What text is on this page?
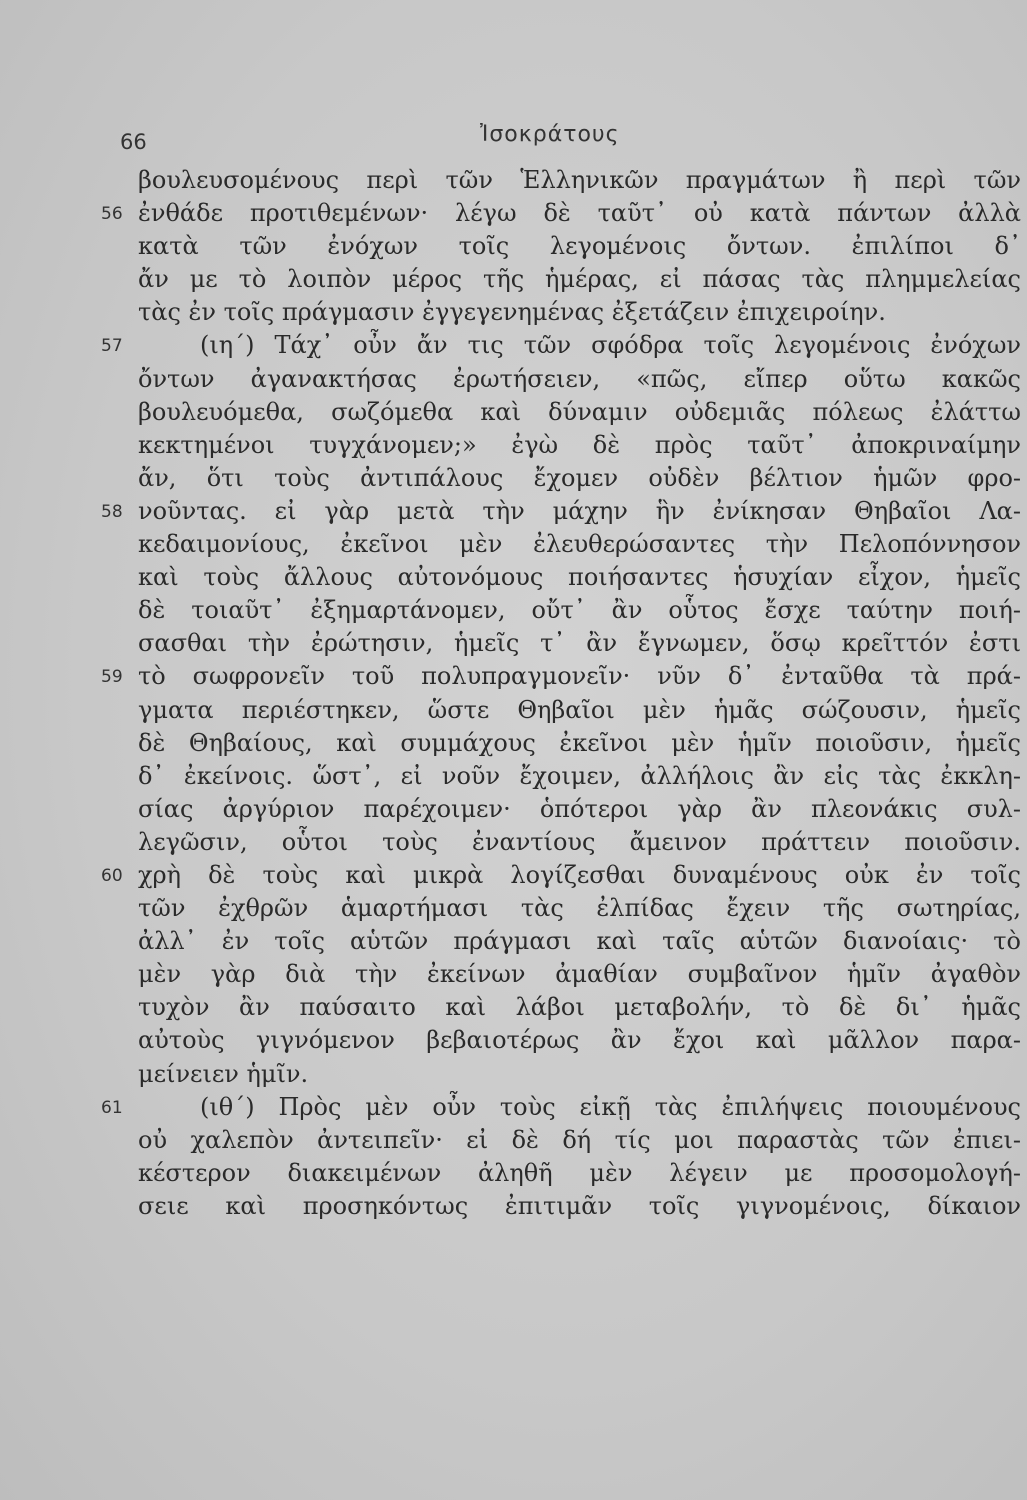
66	Ἰσοκράτους
βουλευσομένους περὶ τῶν Ἑλληνικῶν πραγμάτων ἢ περὶ τῶν
56 ἐνθάδε προτιθεμένων· λέγω δὲ ταῦτ᾽ οὐ κατὰ πάντων ἀλλὰ
κατὰ τῶν ἐνόχων τοῖς λεγομένοις ὄντων. ἐπιλίποι δ᾽
ἄν με τὸ λοιπὸν μέρος τῆς ἡμέρας, εἰ πάσας τὰς πλημμελείας
τὰς ἐν τοῖς πράγμασιν ἐγγεγενημένας ἐξετάζειν ἐπιχειροίην.
57	(ιη´) Τάχ᾽ οὖν ἄν τις τῶν σφόδρα τοῖς λεγομένοις ἐνόχων
ὄντων ἀγανακτήσας ἐρωτήσειεν, «πῶς, εἴπερ οὕτω κακῶς
βουλευόμεθα, σωζόμεθα καὶ δύναμιν οὐδεμιᾶς πόλεως ἐλάττω
κεκτημένοι τυγχάνομεν;» ἐγὼ δὲ πρὸς ταῦτ᾽ ἀποκριναίμην
ἄν, ὅτι τοὺς ἀντιπάλους ἔχομεν οὐδὲν βέλτιον ἡμῶν φρο-
58 νοῦντας. εἰ γὰρ μετὰ τὴν μάχην ἣν ἐνίκησαν Θηβαῖοι Λα-
κεδαιμονίους, ἐκεῖνοι μὲν ἐλευθερώσαντες τὴν Πελοπόννησον
καὶ τοὺς ἄλλους αὐτονόμους ποιήσαντες ἡσυχίαν εἶχον, ἡμεῖς
δὲ τοιαῦτ᾽ ἐξημαρτάνομεν, οὔτ᾽ ἂν οὗτος ἔσχε ταύτην ποιή-
σασθαι τὴν ἐρώτησιν, ἡμεῖς τ᾽ ἂν ἔγνωμεν, ὅσῳ κρεῖττόν ἐστι
59 τὸ σωφρονεῖν τοῦ πολυπραγμονεῖν· νῦν δ᾽ ἐνταῦθα τὰ πρά-
γματα περιέστηκεν, ὥστε Θηβαῖοι μὲν ἡμᾶς σώζουσιν, ἡμεῖς
δὲ Θηβαίους, καὶ συμμάχους ἐκεῖνοι μὲν ἡμῖν ποιοῦσιν, ἡμεῖς
δ᾽ ἐκείνοις. ὥστ᾽, εἰ νοῦν ἔχοιμεν, ἀλλήλοις ἂν εἰς τὰς ἐκκλη-
σίας ἀργύριον παρέχοιμεν· ὁπότεροι γὰρ ἂν πλεονάκις συλ-
λεγῶσιν, οὗτοι τοὺς ἐναντίους ἄμεινον πράττειν ποιοῦσιν.
60 χρὴ δὲ τοὺς καὶ μικρὰ λογίζεσθαι δυναμένους οὐκ ἐν τοῖς
τῶν ἐχθρῶν ἁμαρτήμασι τὰς ἐλπίδας ἔχειν τῆς σωτηρίας,
ἀλλ᾽ ἐν τοῖς αὑτῶν πράγμασι καὶ ταῖς αὑτῶν διανοίαις· τὸ
μὲν γὰρ διὰ τὴν ἐκείνων ἀμαθίαν συμβαῖνον ἡμῖν ἀγαθὸν
τυχὸν ἂν παύσαιτο καὶ λάβοι μεταβολήν, τὸ δὲ δι᾽ ἡμᾶς
αὐτοὺς γιγνόμενον βεβαιοτέρως ἂν ἔχοι καὶ μᾶλλον παρα-
μείνειεν ἡμῖν.
61	(ιθ´) Πρὸς μὲν οὖν τοὺς εἰκῇ τὰς ἐπιλήψεις ποιουμένους
οὐ χαλεπὸν ἀντειπεῖν· εἰ δὲ δή τίς μοι παραστὰς τῶν ἐπιει-
κέστερον διακειμένων ἀληθῆ μὲν λέγειν με προσομολογή-
σειε καὶ προσηκόντως ἐπιτιμᾶν τοῖς γιγνομένοις, δίκαιον
